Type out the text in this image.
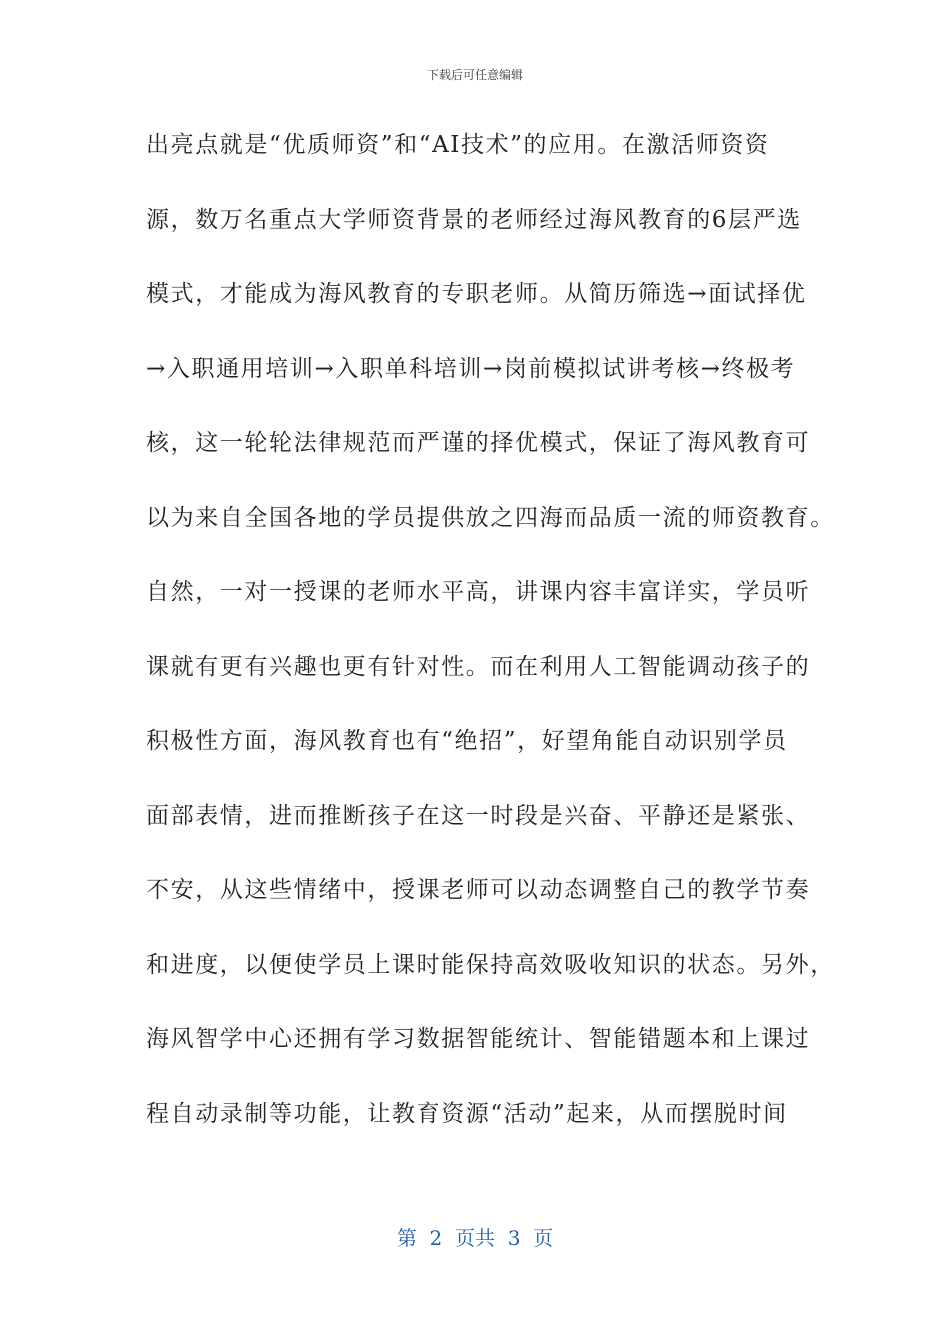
下载后可任意编辑
出亮点就是“优质师资”和“AI技术”的应用。在激活师资资
源，数万名重点大学师资背景的老师经过海风教育的6层严选
模式，才能成为海风教育的专职老师。从简历筛选→面试择优
→入职通用培训→入职单科培训→岗前模拟试讲考核→终极考
核，这一轮轮法律规范而严谨的择优模式，保证了海风教育可
以为来自全国各地的学员提供放之四海而品质一流的师资教育。
自然，一对一授课的老师水平高，讲课内容丰富详实，学员听
课就有更有兴趣也更有针对性。而在利用人工智能调动孩子的
积极性方面，海风教育也有“绝招”，好望角能自动识别学员
面部表情，进而推断孩子在这一时段是兴奋、平静还是紧张、
不安，从这些情绪中，授课老师可以动态调整自己的教学节奏
和进度，以便使学员上课时能保持高效吸收知识的状态。另外，
海风智学中心还拥有学习数据智能统计、智能错题本和上课过
程自动录制等功能，让教育资源“活动”起来，从而摆脱时间
第  2  页共  3  页
